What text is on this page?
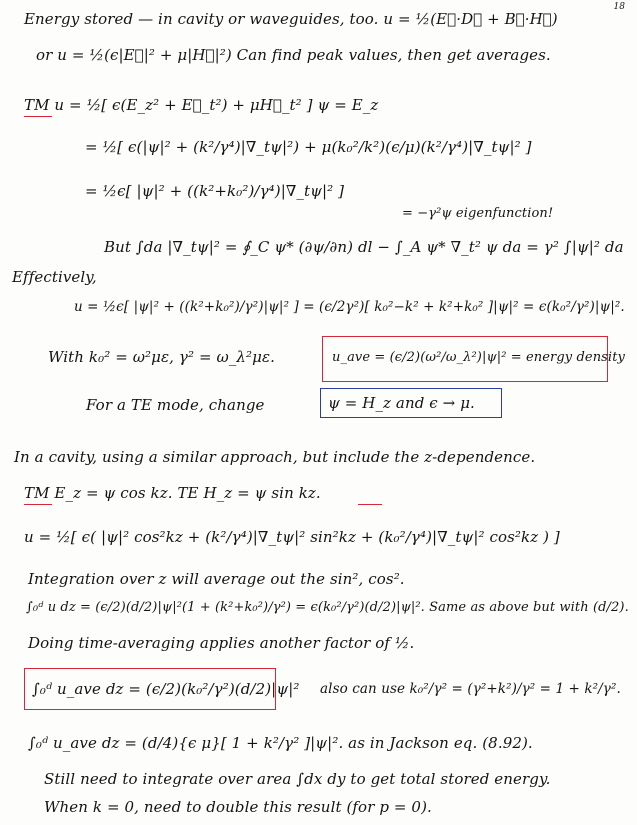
18
Energy stored — in cavity or waveguides, too. u = ½(E⃗·D⃗ + B⃗·H⃗)
or u = ½(ϵ|E⃗|² + μ|H⃗|²) Can find peak values, then get averages.
TM u = ½[ ϵ(E_z² + E⃗_t²) + μH⃗_t² ] ψ = E_z
= ½[ ϵ(|ψ|² + (k²/γ⁴)|∇_tψ|²) + μ(k₀²/k²)(ϵ/μ)(k²/γ⁴)|∇_tψ|² ]
= ½ϵ[ |ψ|² + ((k²+k₀²)/γ⁴)|∇_tψ|² ]
= −γ²ψ eigenfunction!
But ∫da |∇_tψ|² = ∮_C ψ* (∂ψ/∂n) dl − ∫_A ψ* ∇_t² ψ da = γ² ∫|ψ|² da
Effectively,
u = ½ϵ[ |ψ|² + ((k²+k₀²)/γ²)|ψ|² ] = (ϵ/2γ²)[ k₀²−k² + k²+k₀² ]|ψ|² = ϵ(k₀²/γ²)|ψ|².
With k₀² = ω²με, γ² = ω_λ²με.	u_ave = (ϵ/2)(ω²/ω_λ²)|ψ|² = energy density
For a TE mode, change	ψ = H_z and ϵ → μ.
In a cavity, using a similar approach, but include the z-dependence.
TM E_z = ψ cos kz. TE H_z = ψ sin kz.
u = ½[ ϵ( |ψ|² cos²kz + (k²/γ⁴)|∇_tψ|² sin²kz + (k₀²/γ⁴)|∇_tψ|² cos²kz ) ]
Integration over z will average out the sin², cos².
∫₀ᵈ u dz = (ϵ/2)(d/2)|ψ|²(1 + (k²+k₀²)/γ²) = ϵ(k₀²/γ²)(d/2)|ψ|². Same as above but with (d/2).
Doing time-averaging applies another factor of ½.
∫₀ᵈ u_ave dz = (ϵ/2)(k₀²/γ²)(d/2)|ψ|² also can use k₀²/γ² = (γ²+k²)/γ² = 1 + k²/γ².
∫₀ᵈ u_ave dz = (d/4){ϵ μ}[ 1 + k²/γ² ]|ψ|². as in Jackson eq. (8.92).
Still need to integrate over area ∫dx dy to get total stored energy.
When k = 0, need to double this result (for p = 0).
